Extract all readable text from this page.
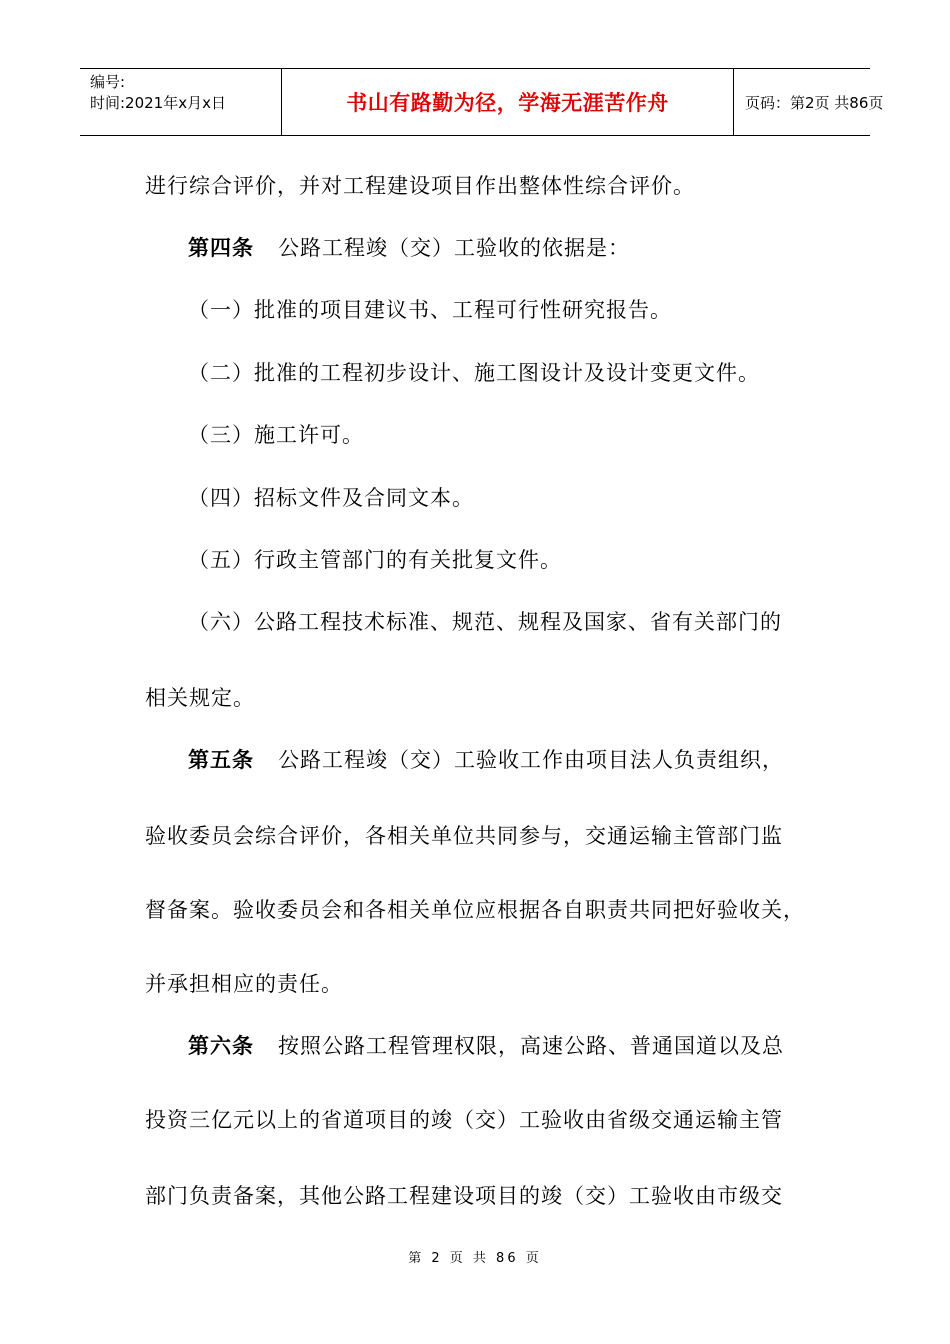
编号:
时间:2021年x月x日	书山有路勤为径，学海无涯苦作舟	页码：第2页 共86页
进行综合评价，并对工程建设项目作出整体性综合评价。
第四条 公路工程竣（交）工验收的依据是：
（一）批准的项目建议书、工程可行性研究报告。
（二）批准的工程初步设计、施工图设计及设计变更文件。
（三）施工许可。
（四）招标文件及合同文本。
（五）行政主管部门的有关批复文件。
（六）公路工程技术标准、规范、规程及国家、省有关部门的
相关规定。
第五条 公路工程竣（交）工验收工作由项目法人负责组织，
验收委员会综合评价，各相关单位共同参与，交通运输主管部门监
督备案。验收委员会和各相关单位应根据各自职责共同把好验收关，
并承担相应的责任。
第六条 按照公路工程管理权限，高速公路、普通国道以及总
投资三亿元以上的省道项目的竣（交）工验收由省级交通运输主管
部门负责备案，其他公路工程建设项目的竣（交）工验收由市级交
第 2 页 共 86 页
